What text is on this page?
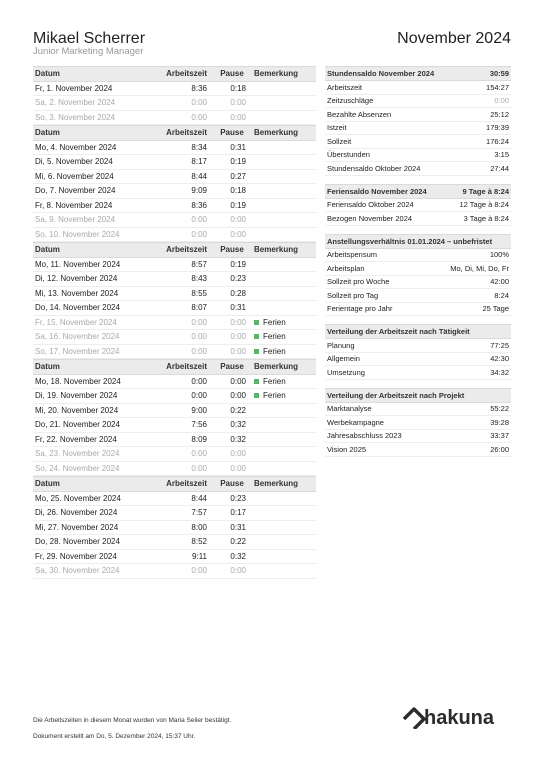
Mikael Scherrer
Junior Marketing Manager
November 2024
Datum	Arbeitszeit	Pause	Bemerkung
Fr, 1. November 2024	8:36	0:18
Sa, 2. November 2024	0:00	0:00
So, 3. November 2024	0:00	0:00
Datum	Arbeitszeit	Pause	Bemerkung
Mo, 4. November 2024	8:34	0:31
Di, 5. November 2024	8:17	0:19
Mi, 6. November 2024	8:44	0:27
Do, 7. November 2024	9:09	0:18
Fr, 8. November 2024	8:36	0:19
Sa, 9. November 2024	0:00	0:00
So, 10. November 2024	0:00	0:00
Datum	Arbeitszeit	Pause	Bemerkung
Mo, 11. November 2024	8:57	0:19
Di, 12. November 2024	8:43	0:23
Mi, 13. November 2024	8:55	0:28
Do, 14. November 2024	8:07	0:31
Fr, 15. November 2024	0:00	0:00	Ferien
Sa, 16. November 2024	0:00	0:00	Ferien
So, 17. November 2024	0:00	0:00	Ferien
Datum	Arbeitszeit	Pause	Bemerkung
Mo, 18. November 2024	0:00	0:00	Ferien
Di, 19. November 2024	0:00	0:00	Ferien
Mi, 20. November 2024	9:00	0:22
Do, 21. November 2024	7:56	0:32
Fr, 22. November 2024	8:09	0:32
Sa, 23. November 2024	0:00	0:00
So, 24. November 2024	0:00	0:00
Datum	Arbeitszeit	Pause	Bemerkung
Mo, 25. November 2024	8:44	0:23
Di, 26. November 2024	7:57	0:17
Mi, 27. November 2024	8:00	0:31
Do, 28. November 2024	8:52	0:22
Fr, 29. November 2024	9:11	0:32
Sa, 30. November 2024	0:00	0:00
Stundensaldo November 2024	30:59
Arbeitszeit	154:27
Zeitzuschläge	0:00
Bezahlte Absenzen	25:12
Istzeit	179:39
Sollzeit	176:24
Überstunden	3:15
Stundensaldo Oktober 2024	27:44
Feriensaldo November 2024	9 Tage à 8:24
Feriensaldo Oktober 2024	12 Tage à 8:24
Bezogen November 2024	3 Tage à 8:24
Anstellungsverhältnis 01.01.2024 – unbefristet
Arbeitspensum	100%
Arbeitsplan	Mo, Di, Mi, Do, Fr
Sollzeit pro Woche	42:00
Sollzeit pro Tag	8:24
Ferientage pro Jahr	25 Tage
Verteilung der Arbeitszeit nach Tätigkeit
Planung	77:25
Allgemein	42:30
Umsetzung	34:32
Verteilung der Arbeitszeit nach Projekt
Marktanalyse	55:22
Werbekampagne	39:28
Jahresabschluss 2023	33:37
Vision 2025	26:00
Die Arbeitszeiten in diesem Monat wurden von Maria Seiler bestätigt.
Dokument erstellt am Do, 5. Dezember 2024, 15:37 Uhr.
hakuna
